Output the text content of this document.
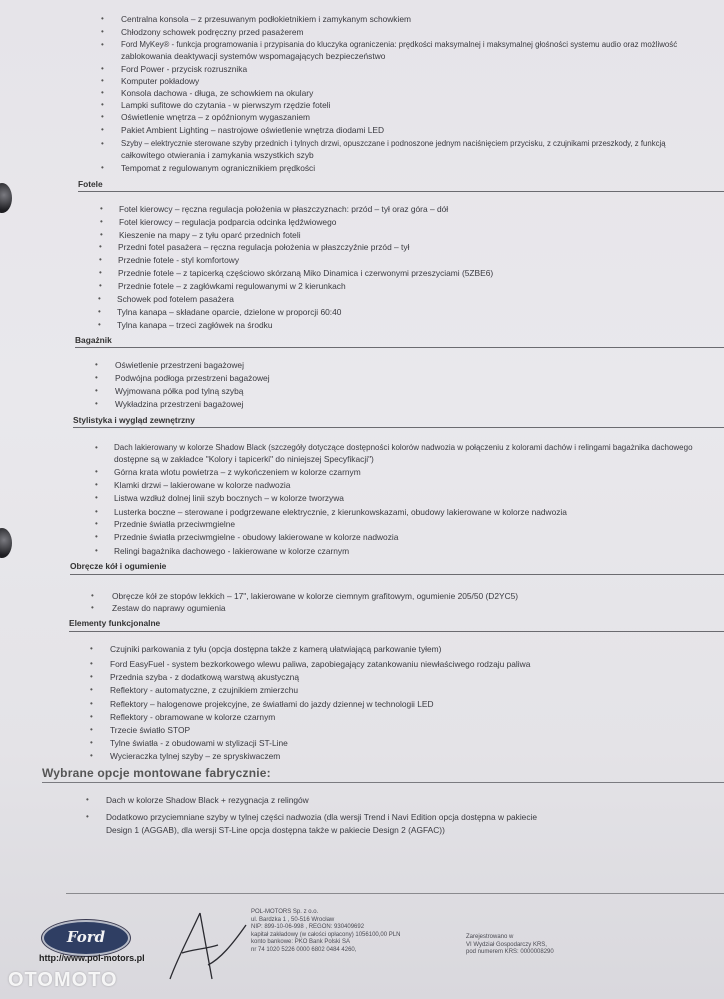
• Centralna konsola – z przesuwanym podłokietnikiem i zamykanym schowkiem
• Chłodzony schowek podręczny przed pasażerem
• Ford MyKey® - funkcja programowania i przypisania do kluczyka ograniczenia: prędkości maksymalnej i maksymalnej głośności systemu audio oraz możliwość
zablokowania deaktywacji systemów wspomagających bezpieczeństwo
• Ford Power - przycisk rozrusznika
• Komputer pokładowy
• Konsola dachowa - długa, ze schowkiem na okulary
• Lampki sufitowe do czytania - w pierwszym rzędzie foteli
• Oświetlenie wnętrza – z opóźnionym wygaszaniem
• Pakiet Ambient Lighting – nastrojowe oświetlenie wnętrza diodami LED
• Szyby – elektrycznie sterowane szyby przednich i tylnych drzwi, opuszczane i podnoszone jednym naciśnięciem przycisku, z czujnikami przeszkody, z funkcją
całkowitego otwierania i zamykania wszystkich szyb
• Tempomat z regulowanym ogranicznikiem prędkości
Fotele
• Fotel kierowcy – ręczna regulacja położenia w płaszczyznach: przód – tył oraz góra – dół
• Fotel kierowcy – regulacja podparcia odcinka lędźwiowego
• Kieszenie na mapy – z tyłu oparć przednich foteli
• Przedni fotel pasażera – ręczna regulacja położenia w płaszczyźnie przód – tył
• Przednie fotele - styl komfortowy
• Przednie fotele – z tapicerką częściowo skórzaną Miko Dinamica i czerwonymi przeszyciami (5ZBE6)
• Przednie fotele – z zagłówkami regulowanymi w 2 kierunkach
• Schowek pod fotelem pasażera
• Tylna kanapa – składane oparcie, dzielone w proporcji 60:40
• Tylna kanapa – trzeci zagłówek na środku
Bagażnik
• Oświetlenie przestrzeni bagażowej
• Podwójna podłoga przestrzeni bagażowej
• Wyjmowana półka pod tylną szybą
• Wykładzina przestrzeni bagażowej
Stylistyka i wygląd zewnętrzny
• Dach lakierowany w kolorze Shadow Black (szczegóły dotyczące dostępności kolorów nadwozia w połączeniu z kolorami dachów i relingami bagażnika dachowego
dostępne są w zakładce "Kolory i tapicerki" do niniejszej Specyfikacji")
• Górna krata wlotu powietrza – z wykończeniem w kolorze czarnym
• Klamki drzwi – lakierowane w kolorze nadwozia
• Listwa wzdłuż dolnej linii szyb bocznych – w kolorze tworzywa
• Lusterka boczne – sterowane i podgrzewane elektrycznie, z kierunkowskazami, obudowy lakierowane w kolorze nadwozia
• Przednie światła przeciwmgielne
• Przednie światła przeciwmgielne - obudowy lakierowane w kolorze nadwozia
• Relingi bagażnika dachowego - lakierowane w kolorze czarnym
Obręcze kół i ogumienie
• Obręcze kół ze stopów lekkich – 17", lakierowane w kolorze ciemnym grafitowym, ogumienie 205/50 (D2YC5)
• Zestaw do naprawy ogumienia
Elementy funkcjonalne
• Czujniki parkowania z tyłu (opcja dostępna także z kamerą ułatwiającą parkowanie tyłem)
• Ford EasyFuel - system bezkorkowego wlewu paliwa, zapobiegający zatankowaniu niewłaściwego rodzaju paliwa
• Przednia szyba - z dodatkową warstwą akustyczną
• Reflektory - automatyczne, z czujnikiem zmierzchu
• Reflektory – halogenowe projekcyjne, ze światłami do jazdy dziennej w technologii LED
• Reflektory - obramowane w kolorze czarnym
• Trzecie światło STOP
• Tylne światła - z obudowami w stylizacji ST-Line
• Wycieraczka tylnej szyby – ze spryskiwaczem
Wybrane opcje montowane fabrycznie:
• Dach w kolorze Shadow Black + rezygnacja z relingów
• Dodatkowo przyciemniane szyby w tylnej części nadwozia (dla wersji Trend i Navi Edition opcja dostępna w pakiecie
Design 1 (AGGAB), dla wersji ST-Line opcja dostępna także w pakiecie Design 2 (AGFAC))
Ford
http://www.pol-motors.pl
POL-MOTORS Sp. z o.o.
ul. Bardzka 1 , 50-516 Wrocław
NIP: 899-10-06-998 , REGON: 930409692
kapitał zakładowy (w całości opłacony) 1056100,00 PLN
konto bankowe: PKO Bank Polski SA
nr 74 1020 5226 0000 6802 0484 4260,
Zarejestrowano w
VI Wydział Gospodarczy KRS,
pod numerem KRS: 0000008290
OTOMOTO
